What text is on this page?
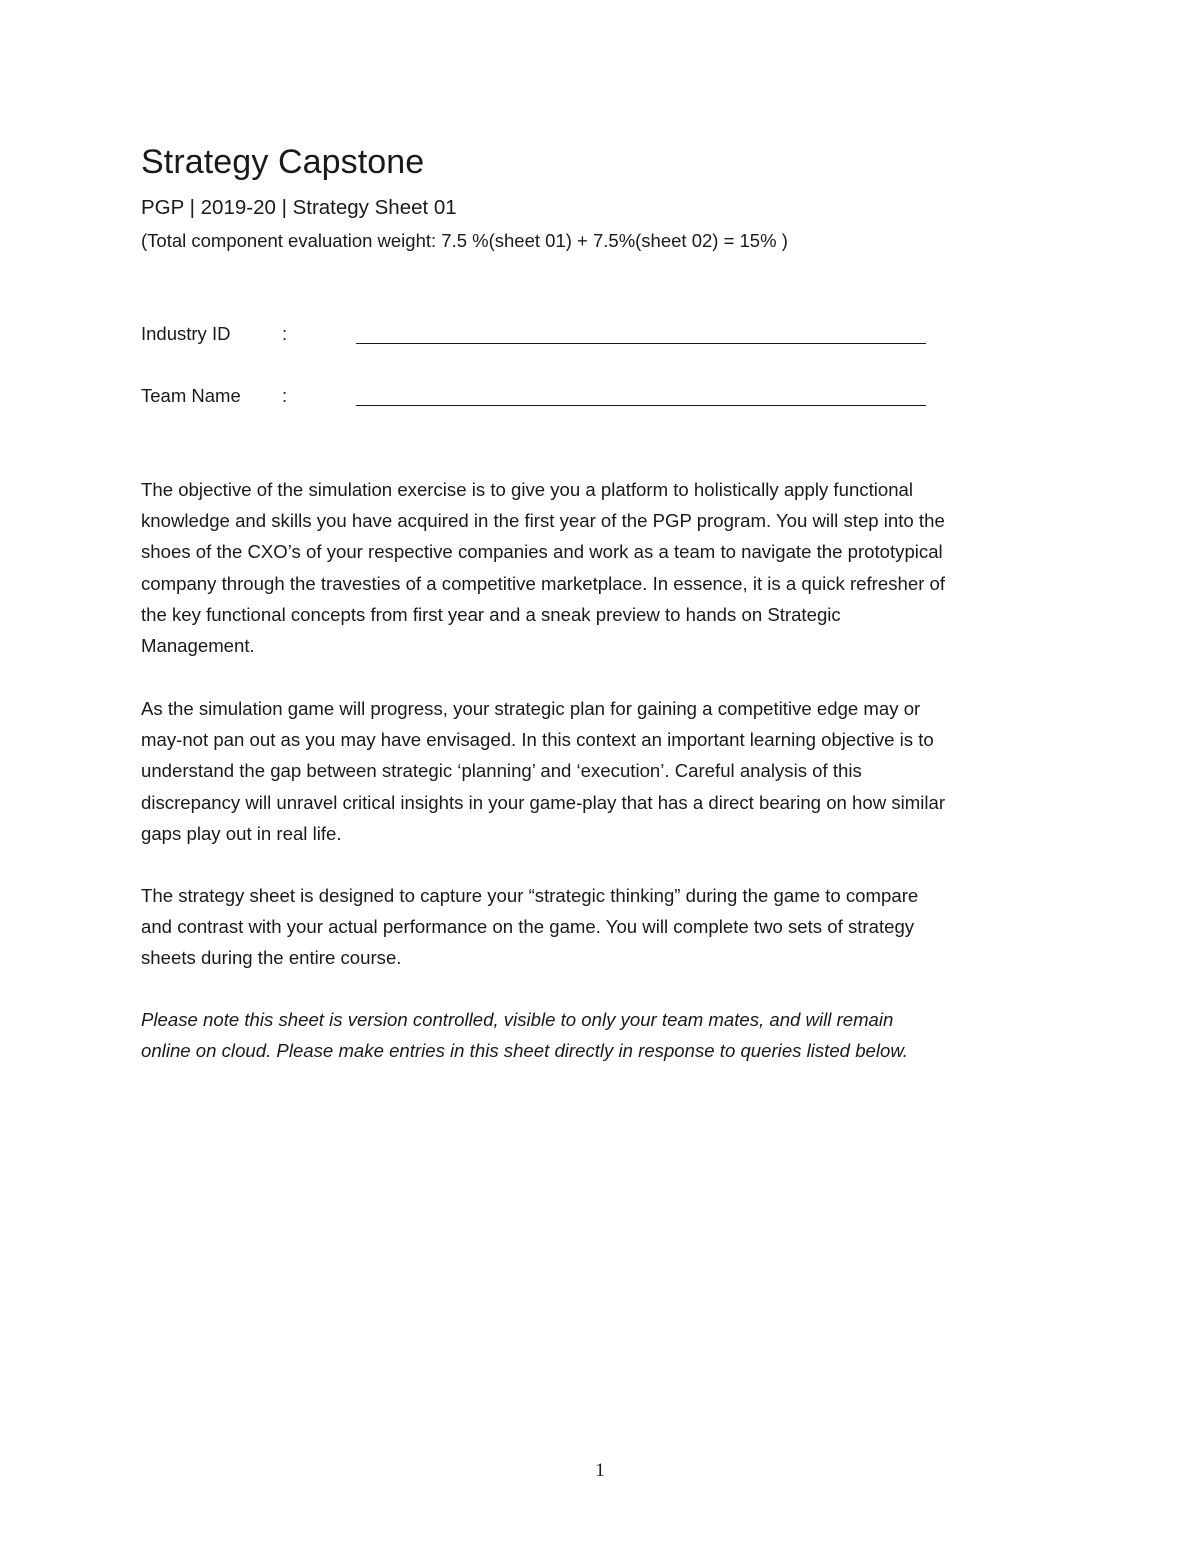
Strategy Capstone
PGP | 2019-20 | Strategy Sheet 01
(Total component evaluation weight: 7.5 %(sheet 01) + 7.5%(sheet 02) = 15% )
Industry ID	:
Team Name :

The objective of the simulation exercise is to give you a platform to holistically apply functional
knowledge and skills you have acquired in the first year of the PGP program. You will step into the
shoes of the CXO’s of your respective companies and work as a team to navigate the prototypical
company through the travesties of a competitive marketplace. In essence, it is a quick refresher of
the key functional concepts from first year and a sneak preview to hands on Strategic
Management.

As the simulation game will progress, your strategic plan for gaining a competitive edge may or
may-not pan out as you may have envisaged. In this context an important learning objective is to
understand the gap between strategic ‘planning’ and ‘execution’. Careful analysis of this
discrepancy will unravel critical insights in your game-play that has a direct bearing on how similar
gaps play out in real life.

The strategy sheet is designed to capture your “strategic thinking” during the game to compare
and contrast with your actual performance on the game. You will complete two sets of strategy
sheets during the entire course.

Please note this sheet is version controlled, visible to only your team mates, and will remain
online on cloud. Please make entries in this sheet directly in response to queries listed below.

1
